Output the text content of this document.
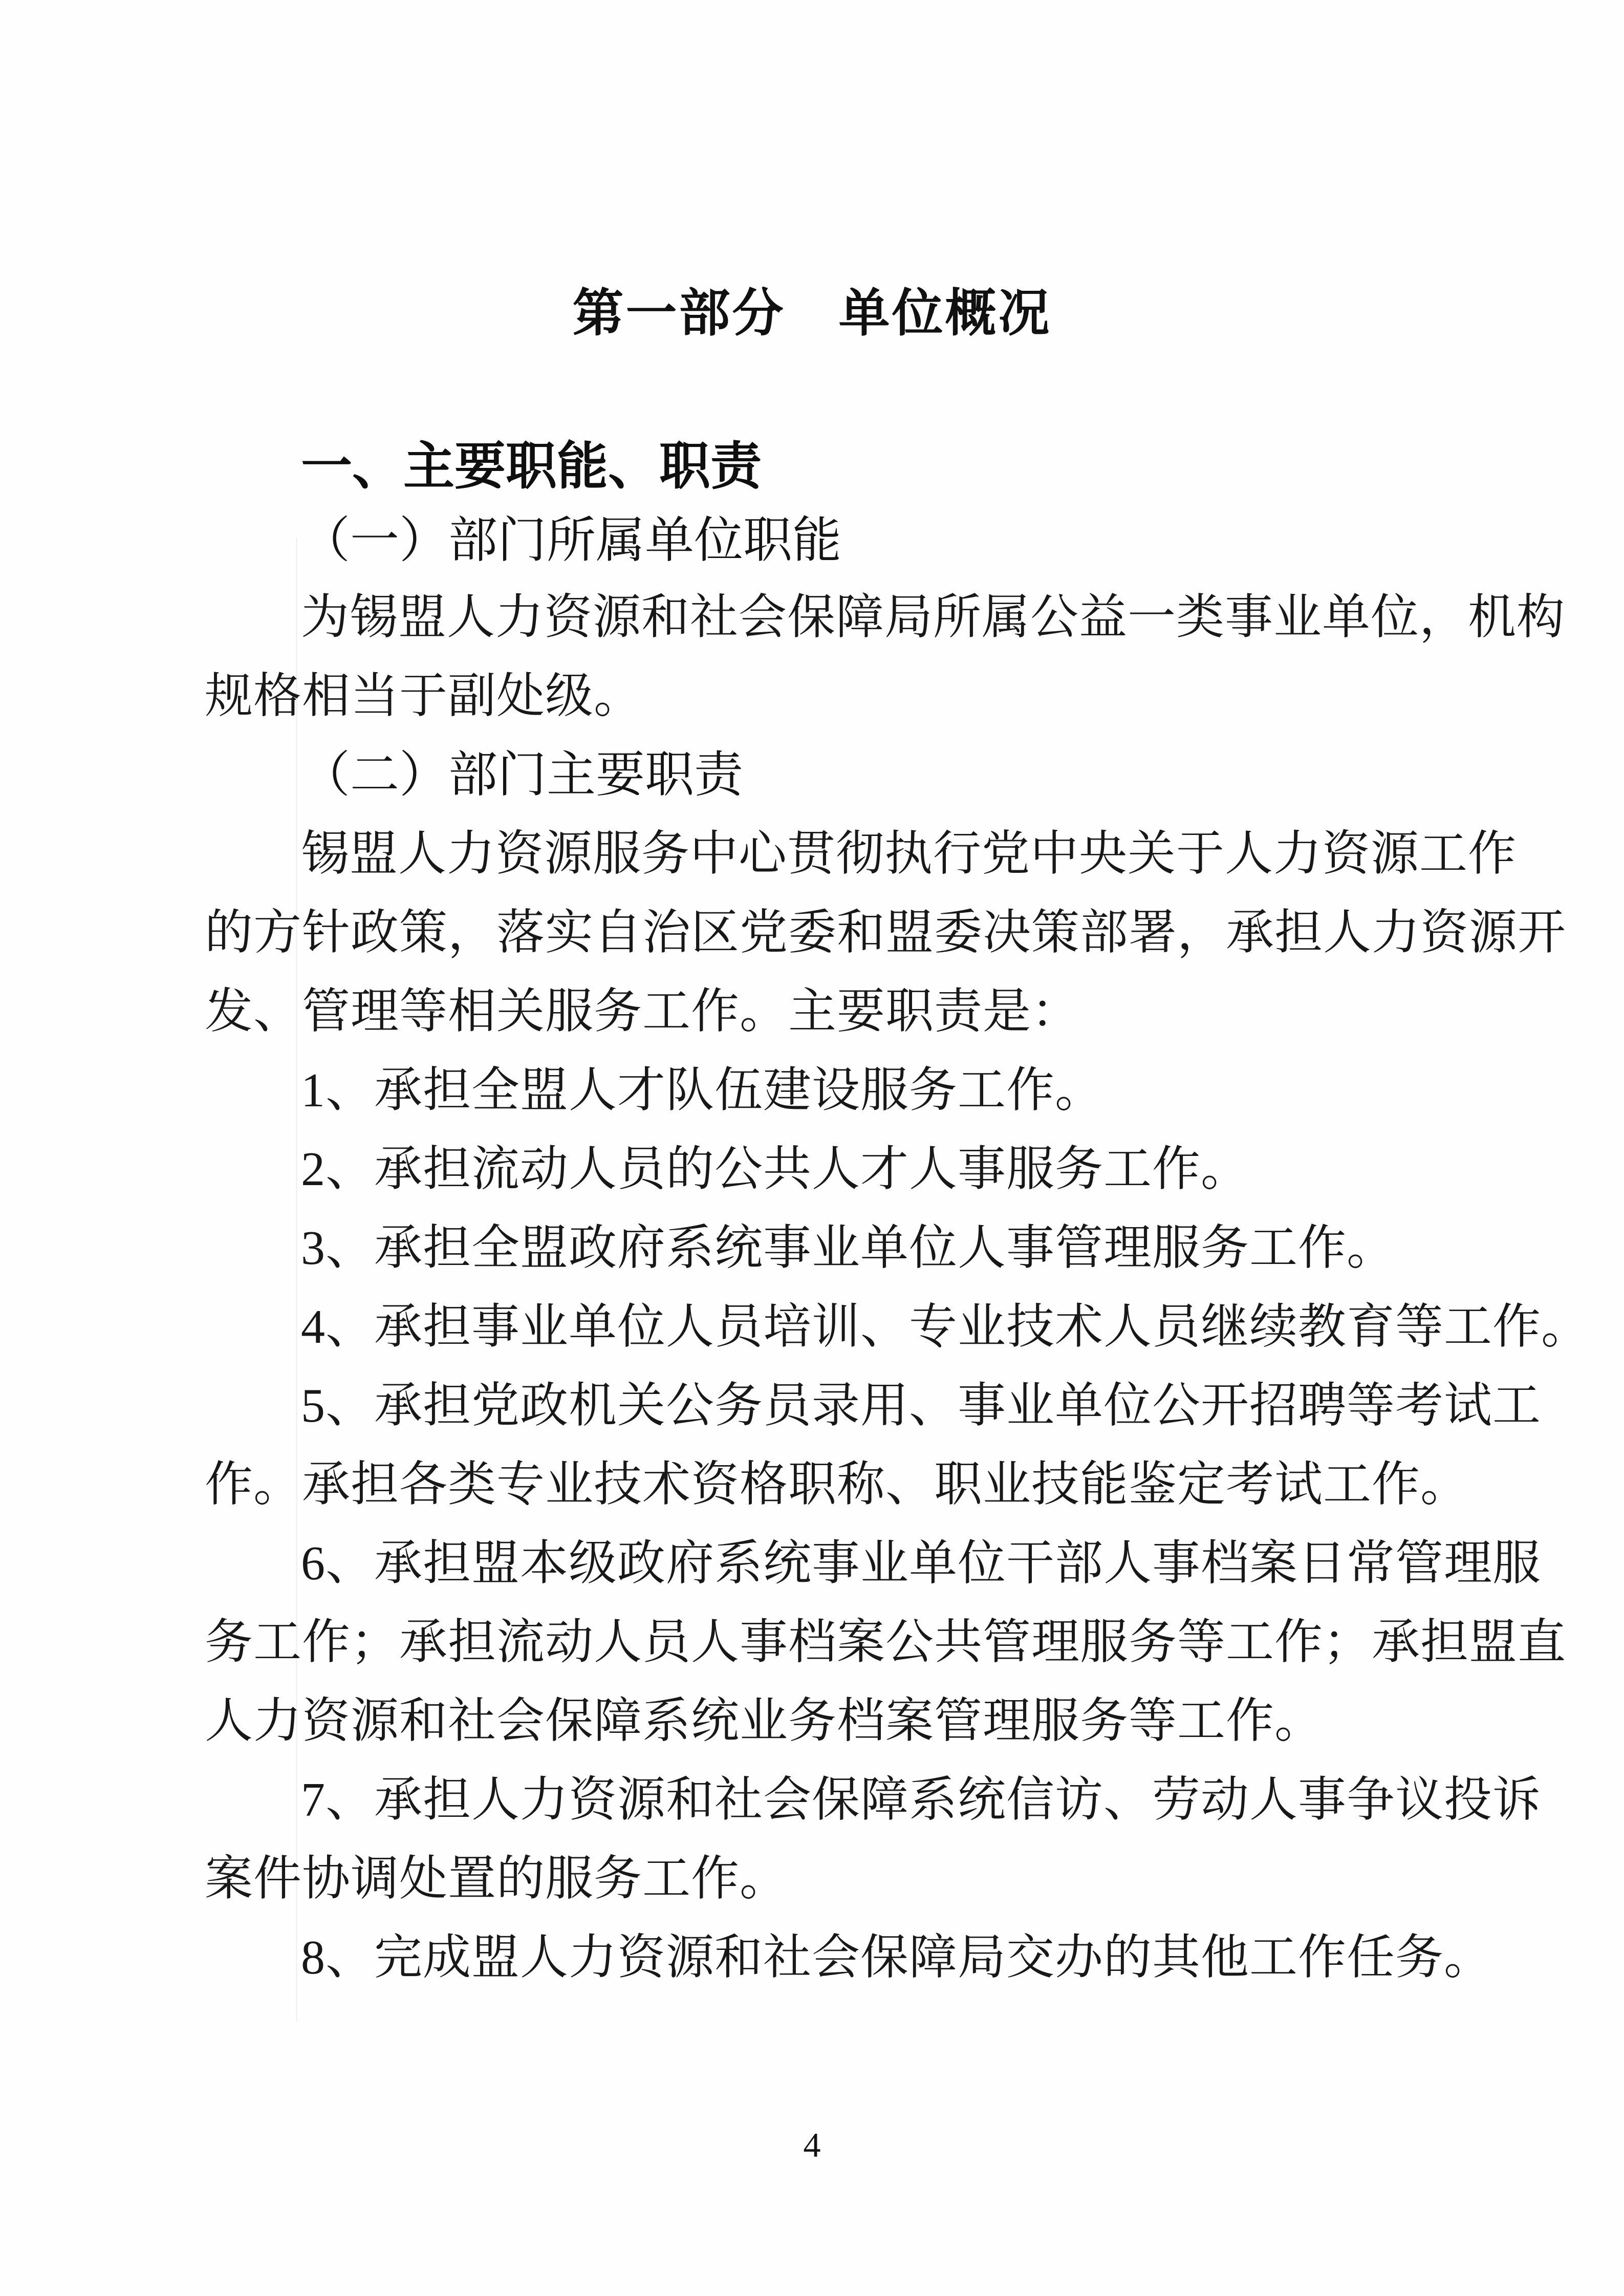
第一部分　单位概况
一、主要职能、职责
（一）部门所属单位职能
为锡盟人力资源和社会保障局所属公益一类事业单位，机构
规格相当于副处级。
（二）部门主要职责
锡盟人力资源服务中心贯彻执行党中央关于人力资源工作
的方针政策，落实自治区党委和盟委决策部署，承担人力资源开
发、管理等相关服务工作。主要职责是：
1、承担全盟人才队伍建设服务工作。
2、承担流动人员的公共人才人事服务工作。
3、承担全盟政府系统事业单位人事管理服务工作。
4、承担事业单位人员培训、专业技术人员继续教育等工作。
5、承担党政机关公务员录用、事业单位公开招聘等考试工
作。承担各类专业技术资格职称、职业技能鉴定考试工作。
6、承担盟本级政府系统事业单位干部人事档案日常管理服
务工作；承担流动人员人事档案公共管理服务等工作；承担盟直
人力资源和社会保障系统业务档案管理服务等工作。
7、承担人力资源和社会保障系统信访、劳动人事争议投诉
案件协调处置的服务工作。
8、完成盟人力资源和社会保障局交办的其他工作任务。
4
